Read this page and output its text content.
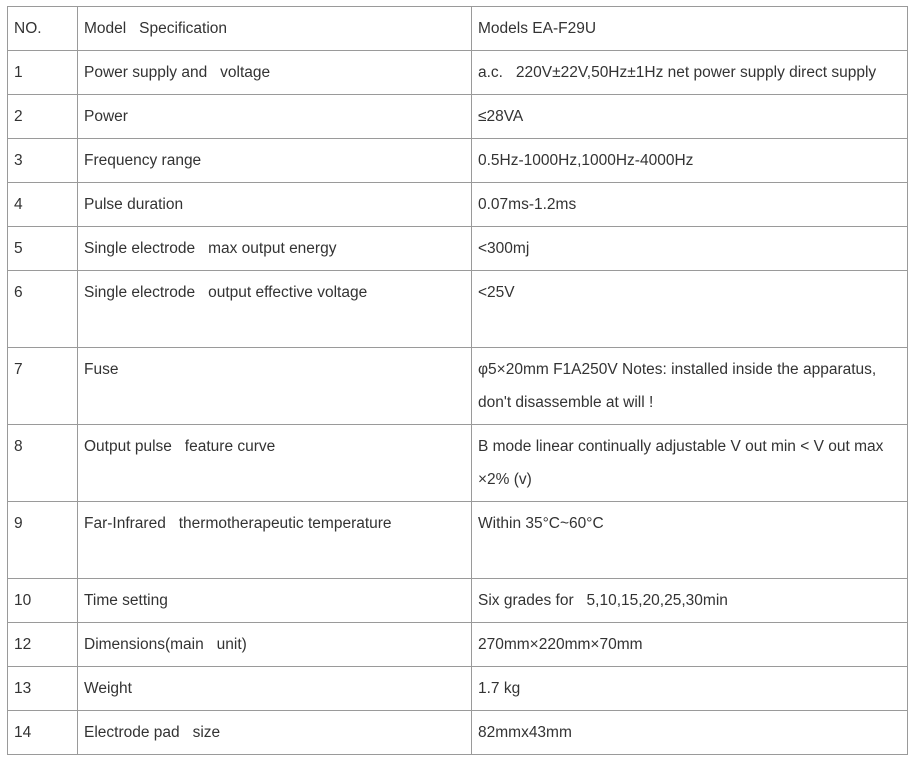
NO.	Model   Specification	Models EA-F29U
1	Power supply and   voltage	a.c.   220V±22V,50Hz±1Hz net power supply direct supply
2	Power	≤28VA
3	Frequency range	0.5Hz-1000Hz,1000Hz-4000Hz
4	Pulse duration	0.07ms-1.2ms
5	Single electrode   max output energy	<300mj
6	Single electrode   output effective voltage	<25V
7	Fuse	φ5×20mm F1A250V Notes: installed inside the apparatus, don't disassemble at will !
8	Output pulse   feature curve	B mode linear continually adjustable V out min < V out max ×2% (v)
9	Far-Infrared   thermotherapeutic temperature	Within 35°C~60°C
10	Time setting	Six grades for   5,10,15,20,25,30min
12	Dimensions(main   unit)	270mm×220mm×70mm
13	Weight	1.7 kg
14	Electrode pad   size	82mmx43mm
